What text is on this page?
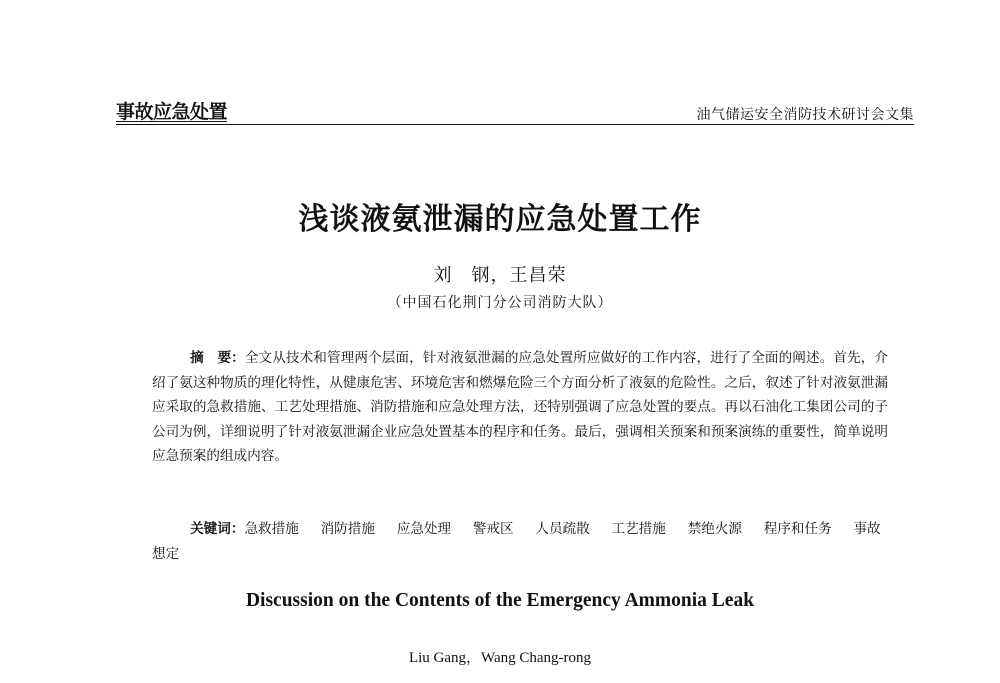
事故应急处置	油气储运安全消防技术研讨会文集
浅谈液氨泄漏的应急处置工作
刘　钢，王昌荣
（中国石化荆门分公司消防大队）

摘　要：全文从技术和管理两个层面，针对液氨泄漏的应急处置所应做好的工作内容，进行了全面的阐述。首先，介绍了氨这种物质的理化特性，从健康危害、环境危害和燃爆危险三个方面分析了液氨的危险性。之后，叙述了针对液氨泄漏应采取的急救措施、工艺处理措施、消防措施和应急处理方法，还特别强调了应急处置的要点。再以石油化工集团公司的子公司为例，详细说明了针对液氨泄漏企业应急处置基本的程序和任务。最后，强调相关预案和预案演练的重要性，简单说明应急预案的组成内容。

关键词：急救措施 消防措施 应急处理 警戒区 人员疏散 工艺措施 禁绝火源 程序和任务 事故想定

Discussion on the Contents of the Emergency Ammonia Leak
Liu Gang，Wang Chang-rong
